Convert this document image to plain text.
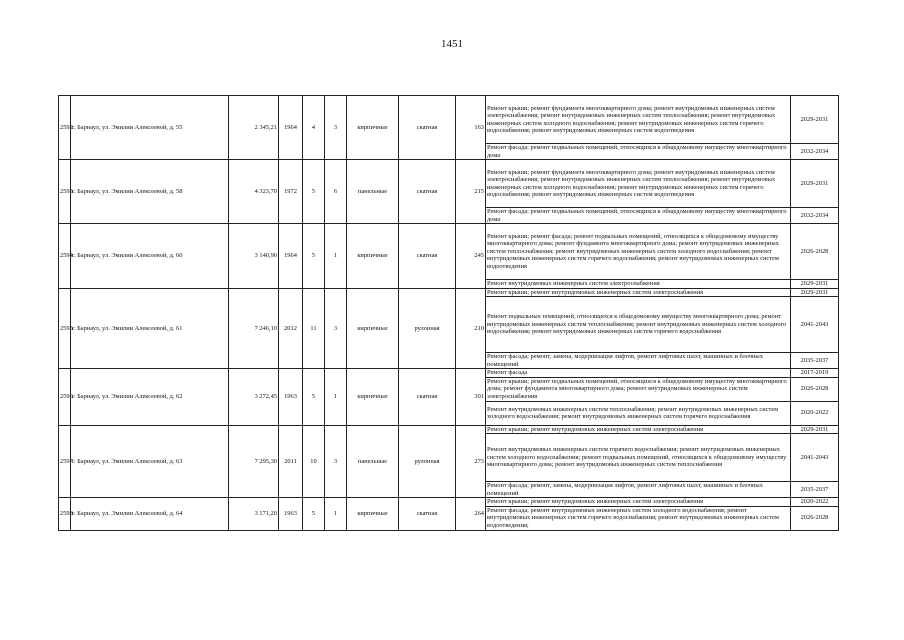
1451
2592	г. Барнаул, ул. Эмилии Алексеевой, д. 55	2 345,21	1964	4	3	кирпичные	скатная	163	Ремонт крыши; ремонт фундамента многоквартирного дома; ремонт внутридомовых инженерных систем электроснабжения; ремонт внутридомовых инженерных систем теплоснабжения; ремонт внутридомовых инженерных систем холодного водоснабжения; ремонт внутридомовых инженерных систем горячего водоснабжения; ремонт внутридомовых инженерных систем водоотведения	2029-2031
									Ремонт фасада; ремонт подвальных помещений, относящихся к общедомовому имуществу многоквартирного дома	2032-2034
2593	г. Барнаул, ул. Эмилии Алексеевой, д. 58	4 323,70	1972	5	6	панельные	скатная	215	Ремонт крыши; ремонт фундамента многоквартирного дома; ремонт внутридомовых инженерных систем электроснабжения; ремонт внутридомовых инженерных систем теплоснабжения; ремонт внутридомовых инженерных систем холодного водоснабжения; ремонт внутридомовых инженерных систем горячего водоснабжения; ремонт внутридомовых инженерных систем водоотведения	2029-2031
									Ремонт фасада; ремонт подвальных помещений, относящихся к общедомовому имуществу многоквартирного дома	2032-2034
2594	г. Барнаул, ул. Эмилии Алексеевой, д. 60	3 140,90	1964	5	1	кирпичные	скатная	245	Ремонт крыши; ремонт фасада; ремонт подвальных помещений, относящихся к общедомовому имуществу многоквартирного дома; ремонт фундамента многоквартирного дома; ремонт внутридомовых инженерных систем теплоснабжения; ремонт внутридомовых инженерных систем холодного водоснабжения; ремонт внутридомовых инженерных систем горячего водоснабжения; ремонт внутридомовых инженерных систем водоотведения	2026-2028
									Ремонт внутридомовых инженерных систем электроснабжения	2029-2031
2595	г. Барнаул, ул. Эмилии Алексеевой, д. 61	7 246,10	2012	11	3	кирпичные	рулонная	210	Ремонт крыши; ремонт внутридомовых инженерных систем электроснабжения	2029-2031
									Ремонт подвальных помещений, относящихся к общедомовому имуществу многоквартирного дома; ремонт внутридомовых инженерных систем теплоснабжения; ремонт внутридомовых инженерных систем холодного водоснабжения; ремонт внутридомовых инженерных систем горячего водоснабжения	2041-2043
									Ремонт фасада; ремонт, замена, модернизация лифтов, ремонт лифтовых шахт, машинных и блочных помещений	2035-2037
2596	г. Барнаул, ул. Эмилии Алексеевой, д. 62	3 272,45	1963	5	1	кирпичные	скатная	301	Ремонт фасада	2017-2019
									Ремонт крыши; ремонт подвальных помещений, относящихся к общедомовому имуществу многоквартирного дома; ремонт фундамента многоквартирного дома; ремонт внутридомовых инженерных систем электроснабжения	2026-2028
									Ремонт внутридомовых инженерных систем теплоснабжения; ремонт внутридомовых инженерных систем холодного водоснабжения; ремонт внутридомовых инженерных систем горячего водоснабжения	2020-2022
2597	г. Барнаул, ул. Эмилии Алексеевой, д. 63	7 295,30	2011	10	3	панельные	рулонная	273	Ремонт крыши; ремонт внутридомовых инженерных систем электроснабжения	2029-2031
									Ремонт внутридомовых инженерных систем горячего водоснабжения; ремонт внутридомовых инженерных систем холодного водоснабжения; ремонт подвальных помещений, относящихся к общедомовому имуществу многоквартирного дома; ремонт внутридомовых инженерных систем теплоснабжения	2041-2043
									Ремонт фасада; ремонт, замена, модернизация лифтов, ремонт лифтовых шахт, машинных и блочных помещений	2035-2037
2598	г. Барнаул, ул. Эмилии Алексеевой, д. 64	3 171,20	1963	5	1	кирпичные	скатная	264	Ремонт крыши; ремонт внутридомовых инженерных систем электроснабжения	2020-2022
									Ремонт фасада; ремонт внутридомовых инженерных систем холодного водоснабжения; ремонт внутридомовых инженерных систем горячего водоснабжения; ремонт внутридомовых инженерных систем водоотведения;	2026-2028
